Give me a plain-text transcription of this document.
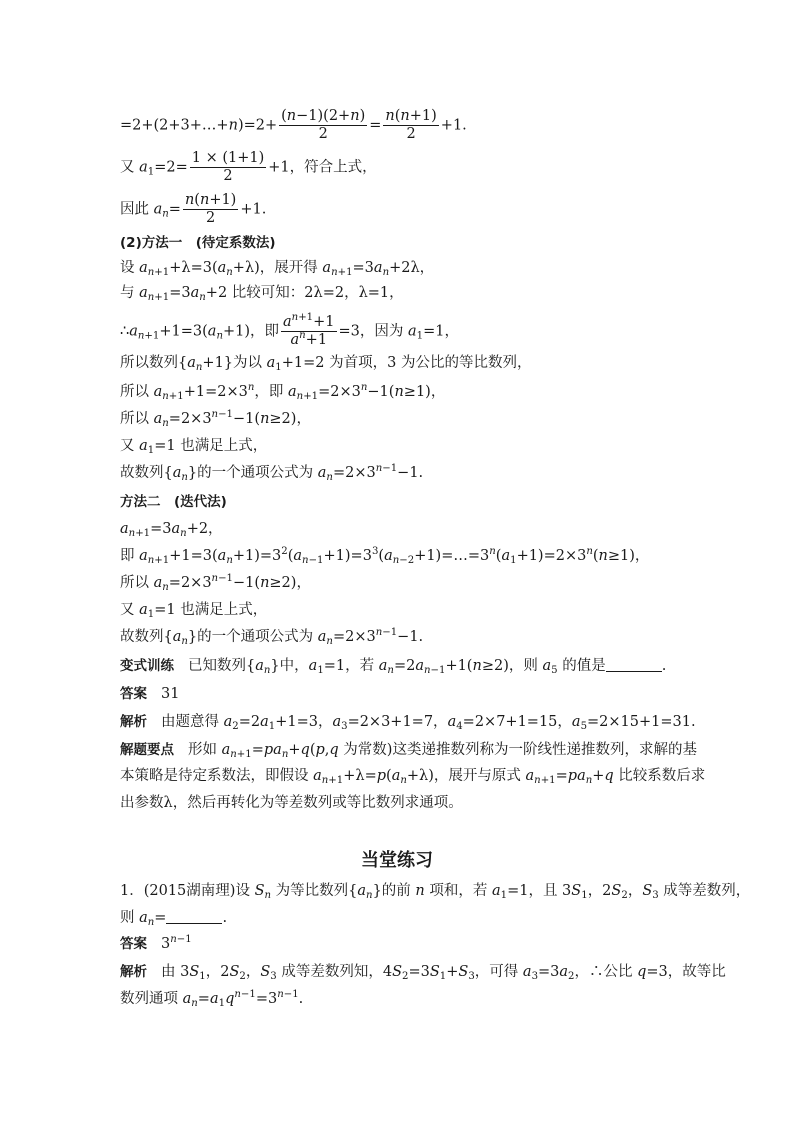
=2+(2+3+…+n)=2+ $\frac{(n-1)(2+n)}{2} = \frac{n(n+1)}{2} +1$.
又 $a_1=2= \frac{1 \times (1+1)}{2} +1$，符合上式，
因此 $a_n= \frac{n(n+1)}{2} +1$.
(2)方法一　(待定系数法)
设 $a_{n+1}+\lambda=3(a_n+\lambda)$，展开得 $a_{n+1}=3a_n+2\lambda$，
与 $a_{n+1}=3a_n+2$ 比较可知：2λ=2，λ=1，
$\therefore a_{n+1}+1=3(a_n+1)$，即 $\frac{a^{n+1}+1}{a^n+1} =3$，因为 $a_1=1$，
所以数列$\{a_n+1\}$为以 $a_1+1=2$ 为首项，3 为公比的等比数列，
所以 $a_{n+1}+1=2\times 3^n$，即 $a_{n+1}=2\times 3^n-1(n\ge 1)$，
所以 $a_n=2\times 3^{n-1}-1(n\ge 2)$，
又 $a_1=1$ 也满足上式，
故数列$\{a_n\}$的一个通项公式为 $a_n=2\times 3^{n-1}-1$.
方法二　(迭代法)
$a_{n+1}=3a_n+2$，
即 $a_{n+1}+1=3(a_n+1)=3^2(a_{n-1}+1)=3^3(a_{n-2}+1)=\dots=3^n(a_1+1)=2\times 3^n(n\ge 1)$，
所以 $a_n=2\times 3^{n-1}-1(n\ge 2)$，
又 $a_1=1$ 也满足上式，
故数列$\{a_n\}$的一个通项公式为 $a_n=2\times 3^{n-1}-1$.
变式训练 已知数列$\{a_n\}$中，$a_1=1$，若 $a_n=2a_{n-1}+1(n\ge 2)$，则 $a_5$ 的值是	.
答案 31
解析 由题意得 $a_2=2a_1+1=3$，$a_3=2\times 3+1=7$，$a_4=2\times 7+1=15$，$a_5=2\times 15+1=31$.
解题要点 形如 $a_{n+1}=pa_n+q(p,q$ 为常数)这类递推数列称为一阶线性递推数列，求解的基
本策略是待定系数法，即假设 $a_{n+1}+\lambda=p(a_n+\lambda)$，展开与原式 $a_{n+1}=pa_n+q$ 比较系数后求
出参数λ，然后再转化为等差数列或等比数列求通项。
当堂练习
1．(2015湖南理)设 $S_n$ 为等比数列$\{a_n\}$的前 n 项和，若 $a_1=1$，且 $3S_1$，$2S_2$，$S_3$ 成等差数列，
则 $a_n=$	.
答案 $3^{n-1}$
解析 由 $3S_1$，$2S_2$，$S_3$ 成等差数列知，$4S_2=3S_1+S_3$，可得 $a_3=3a_2$，∴公比 q=3，故等比
数列通项 $a_n=a_1q^{n-1}=3^{n-1}$.
